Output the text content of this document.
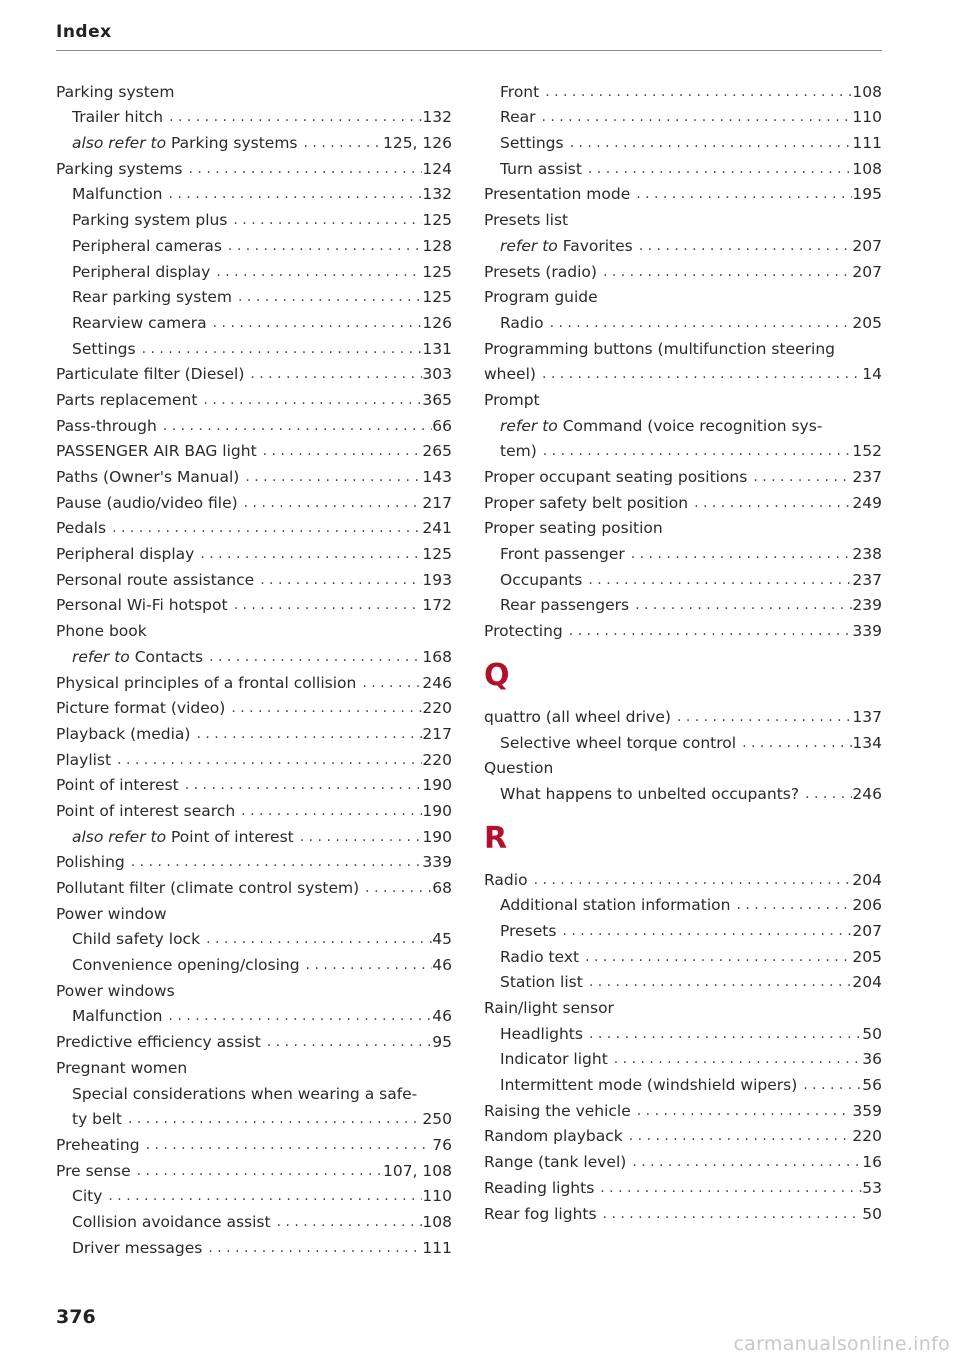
Index
Parking system
Trailer hitch . . .	132
also refer to Parking systems . . .	125, 126
Parking systems . . .	124
Malfunction . . .	132
Parking system plus . . .	125
Peripheral cameras . . .	128
Peripheral display . . .	125
Rear parking system . . .	125
Rearview camera . . .	126
Settings . . .	131
Particulate filter (Diesel) . . .	303
Parts replacement . . .	365
Pass-through . . .	66
PASSENGER AIR BAG light . . .	265
Paths (Owner's Manual) . . .	143
Pause (audio/video file) . . .	217
Pedals . . .	241
Peripheral display . . .	125
Personal route assistance . . .	193
Personal Wi-Fi hotspot . . .	172
Phone book
refer to Contacts . . .	168
Physical principles of a frontal collision . . .	246
Picture format (video) . . .	220
Playback (media) . . .	217
Playlist . . .	220
Point of interest . . .	190
Point of interest search . . .	190
also refer to Point of interest . . .	190
Polishing . . .	339
Pollutant filter (climate control system) . . .	68
Power window
Child safety lock . . .	45
Convenience opening/closing . . .	46
Power windows
Malfunction . . .	46
Predictive efficiency assist . . .	95
Pregnant women
Special considerations when wearing a safe-
ty belt . . .	250
Preheating . . .	76
Pre sense . . .	107, 108
City . . .	110
Collision avoidance assist . . .	108
Driver messages . . .	111
Front . . .	108
Rear . . .	110
Settings . . .	111
Turn assist . . .	108
Presentation mode . . .	195
Presets list
refer to Favorites . . .	207
Presets (radio) . . .	207
Program guide
Radio . . .	205
Programming buttons (multifunction steering
wheel) . . .	14
Prompt
refer to Command (voice recognition sys-
tem) . . .	152
Proper occupant seating positions . . .	237
Proper safety belt position . . .	249
Proper seating position
Front passenger . . .	238
Occupants . . .	237
Rear passengers . . .	239
Protecting . . .	339
Q
quattro (all wheel drive) . . .	137
Selective wheel torque control . . .	134
Question
What happens to unbelted occupants? . . .	246
R
Radio . . .	204
Additional station information . . .	206
Presets . . .	207
Radio text . . .	205
Station list . . .	204
Rain/light sensor
Headlights . . .	50
Indicator light . . .	36
Intermittent mode (windshield wipers) . . .	56
Raising the vehicle . . .	359
Random playback . . .	220
Range (tank level) . . .	16
Reading lights . . .	53
Rear fog lights . . .	50
376
carmanualsonline.info
